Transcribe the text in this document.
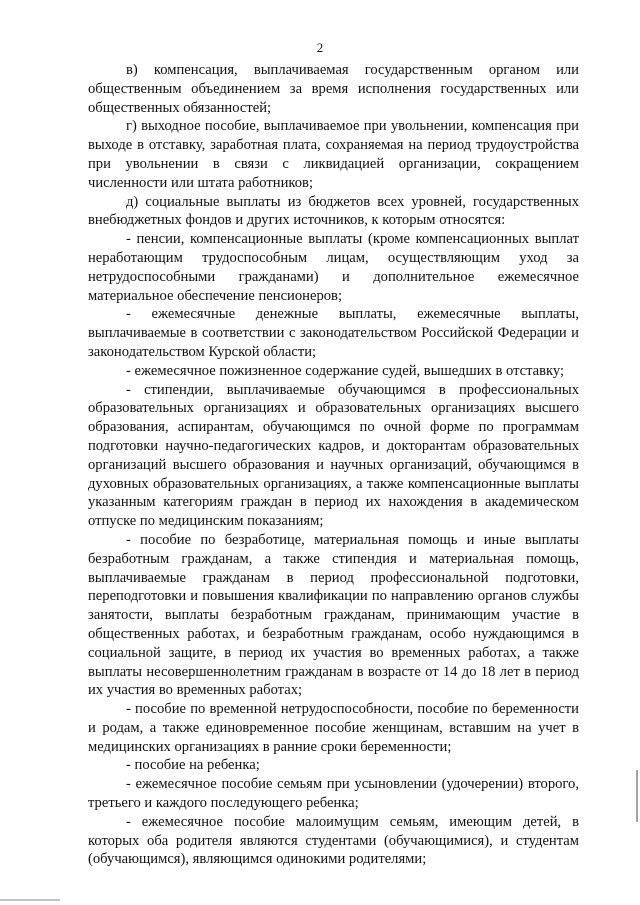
2

в) компенсация, выплачиваемая государственным органом или общественным объединением за время исполнения государственных или общественных обязанностей;

г) выходное пособие, выплачиваемое при увольнении, компенсация при выходе в отставку, заработная плата, сохраняемая на период трудоустройства при увольнении в связи с ликвидацией организации, сокращением численности или штата работников;

д) социальные выплаты из бюджетов всех уровней, государственных внебюджетных фондов и других источников, к которым относятся:

- пенсии, компенсационные выплаты (кроме компенсационных выплат неработающим трудоспособным лицам, осуществляющим уход за нетрудоспособными гражданами) и дополнительное ежемесячное материальное обеспечение пенсионеров;

- ежемесячные денежные выплаты, ежемесячные выплаты, выплачиваемые в соответствии с законодательством Российской Федерации и законодательством Курской области;

- ежемесячное пожизненное содержание судей, вышедших в отставку;

- стипендии, выплачиваемые обучающимся в профессиональных образовательных организациях и образовательных организациях высшего образования, аспирантам, обучающимся по очной форме по программам подготовки научно-педагогических кадров, и докторантам образовательных организаций высшего образования и научных организаций, обучающимся в духовных образовательных организациях, а также компенсационные выплаты указанным категориям граждан в период их нахождения в академическом отпуске по медицинским показаниям;

- пособие по безработице, материальная помощь и иные выплаты безработным гражданам, а также стипендия и материальная помощь, выплачиваемые гражданам в период профессиональной подготовки, переподготовки и повышения квалификации по направлению органов службы занятости, выплаты безработным гражданам, принимающим участие в общественных работах, и безработным гражданам, особо нуждающимся в социальной защите, в период их участия во временных работах, а также выплаты несовершеннолетним гражданам в возрасте от 14 до 18 лет в период их участия во временных работах;

- пособие по временной нетрудоспособности, пособие по беременности и родам, а также единовременное пособие женщинам, вставшим на учет в медицинских организациях в ранние сроки беременности;

- пособие на ребенка;

- ежемесячное пособие семьям при усыновлении (удочерении) второго, третьего и каждого последующего ребенка;

- ежемесячное пособие малоимущим семьям, имеющим детей, в которых оба родителя являются студентами (обучающимися), и студентам (обучающимся), являющимся одинокими родителями;
